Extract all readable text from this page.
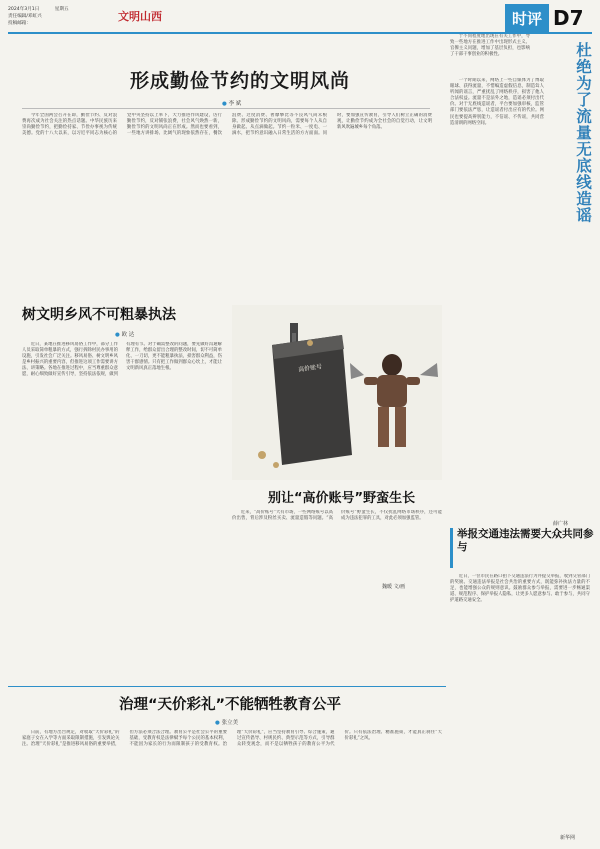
2024年3月1日	星期五
责任编辑/邓虹兴
投稿邮箱：
文明山西	时评 D7
形成勤俭节约的文明风尚
● 李 斌

今年全国两会召开在即，勤俭节约、反对浪费再次成为社会关注的热点话题。中华民族历来崇尚勤俭节约，把勤俭持家、节俭办事视为传统美德。党的十八大以来，以习近平同志为核心的党中央坚持以上率下，大力推进作风建设，厉行勤俭节约，反对铺张浪费，社会风气焕然一新，勤俭节约的文明风尚正在形成。然而也要看到，一些地方讲排场、比阔气的现象依然存在，餐饮浪费、过度消费、奢靡攀比等不良风气尚未根除。形成勤俭节约的文明风尚，需要每个人从自身做起、从点滴做起。节约一粒米、一度电、一滴水，把节约意识融入日常生活的方方面面。同时，要加强宣传教育，引导人们树立正确的消费观，让勤俭节约成为全社会的自觉行动，让文明新风吹遍城乡每个角落。

于不同程度地出现在有关工作中，导致一些地方在推进工作中出现形式主义、官僚主义问题，增加了基层负担，也影响了干部干事创业的积极性。	杜绝为了流量无底线造谣

一个时期以来，网络上一些自媒体为了博取眼球、获得流量，不惜编造虚假信息，制造耸人听闻的谣言，严重扰乱了网络秩序，损害了他人合法权益。流量不是法外之地，造谣必须付出代价。对于无底线造谣者，平台要加强审核，监管部门要依法严惩，让造谣者付出应有的代价。网民也要提高辨别能力，不信谣、不传谣，共同营造清朗的网络空间。

薛广林
举报交通违法需要大众共同参与

近日，一位市民在路口拍下交通违法行为并提交举报，收到交管部门的奖励。交通违法举报是社会共治的重要方式，既能弥补执法力量的不足，也能增强公众的规则意识。鼓励群众参与举报，需要进一步畅通渠道、规范程序、保护举报人隐私，让更多人愿意参与、敢于参与，共同守护道路交通安全。

新华网
树文明乡风不可粗暴执法
● 欧 达

近日，某地在推进移风易俗工作中，部分工作人员采取简单粗暴的方式，强行拆除村民办事用的设施，引发社会广泛关注。移风易俗、树文明乡风是乡村振兴的重要内容，但推进这项工作需要讲方法、讲策略。各地在推进过程中，应当尊重群众意愿，耐心细致做好宣传引导，坚持依法依规，做到有理有节。对于确需整改的问题，要先做好沟通解释工作，给群众留出合理的整改时间，切不可简单化、一刀切，更不能粗暴执法，损害群众利益，伤害干群感情。只有把工作做到群众心坎上，才能让文明新风真正落地生根。	高价账号
别让“高价账号”野蛮生长

近来，“高价账号”大有市场，一些网络账号以高价出售，背后涉及粉丝买卖、流量造假等问题。“高价账号”野蛮生长，不仅扰乱网络市场秩序，还可能成为违法犯罪的工具，对此必须加强监管。

魏暖 文/画
治理“天价彩礼”不能牺牲教育公平
● 张立美

日前，有地方出台规定，对收取“天价彩礼”的家庭子女在入学等方面采取限制措施，引发舆论关注。治理“天价彩礼”是推进移风易俗的重要举措，但方法必须合法合理。教育公平是社会公平的重要基础，受教育权是法律赋予每个公民的基本权利，不能因为家长的行为而限制孩子的受教育权。治理“天价彩礼”，应当坚持教育引导、综合施策，通过宣传倡导、村规民约、典型示范等方式，引导群众转变观念，而不是以牺牲孩子的教育公平为代价。只有依法治理、精准施策，才能真正刹住“天价彩礼”之风。
